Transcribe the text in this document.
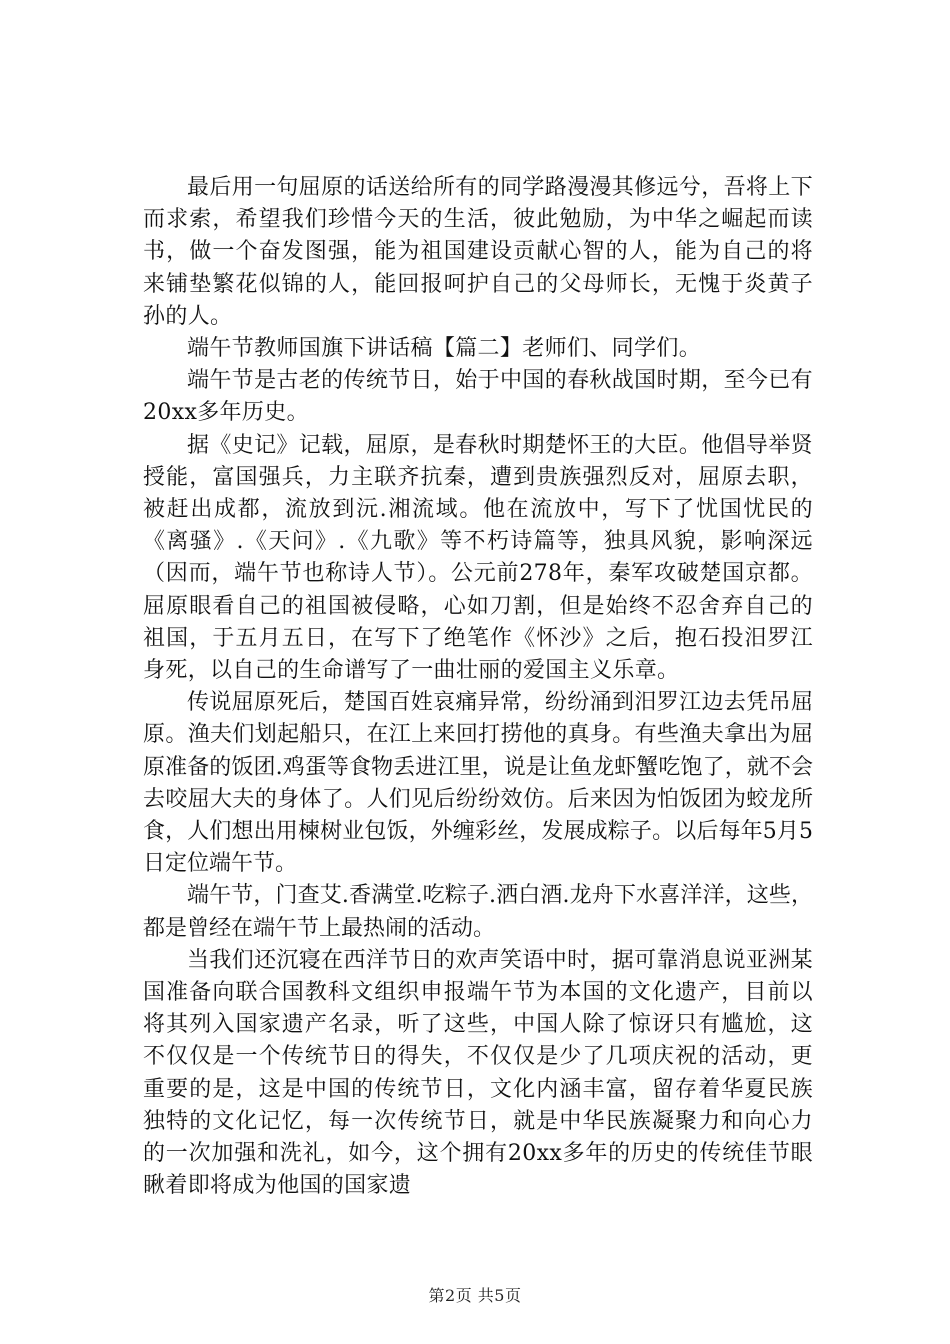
最后用一句屈原的话送给所有的同学路漫漫其修远兮，吾将上下而求索，希望我们珍惜今天的生活，彼此勉励，为中华之崛起而读书，做一个奋发图强，能为祖国建设贡献心智的人，能为自己的将来铺垫繁花似锦的人，能回报呵护自己的父母师长，无愧于炎黄子孙的人。

端午节教师国旗下讲话稿【篇二】老师们、同学们。

端午节是古老的传统节日，始于中国的春秋战国时期，至今已有20xx多年历史。

据《史记》记载，屈原，是春秋时期楚怀王的大臣。他倡导举贤授能，富国强兵，力主联齐抗秦，遭到贵族强烈反对，屈原去职，被赶出成都，流放到沅.湘流域。他在流放中，写下了忧国忧民的《离骚》.《天问》.《九歌》等不朽诗篇等，独具风貌，影响深远（因而，端午节也称诗人节）。公元前278年，秦军攻破楚国京都。屈原眼看自己的祖国被侵略，心如刀割，但是始终不忍舍弃自己的祖国，于五月五日，在写下了绝笔作《怀沙》之后，抱石投汨罗江身死，以自己的生命谱写了一曲壮丽的爱国主义乐章。

传说屈原死后，楚国百姓哀痛异常，纷纷涌到汨罗江边去凭吊屈原。渔夫们划起船只，在江上来回打捞他的真身。有些渔夫拿出为屈原准备的饭团.鸡蛋等食物丢进江里，说是让鱼龙虾蟹吃饱了，就不会去咬屈大夫的身体了。人们见后纷纷效仿。后来因为怕饭团为蛟龙所食，人们想出用楝树业包饭，外缠彩丝，发展成粽子。以后每年5月5日定位端午节。

端午节，门查艾.香满堂.吃粽子.洒白酒.龙舟下水喜洋洋，这些，都是曾经在端午节上最热闹的活动。

当我们还沉寝在西洋节日的欢声笑语中时，据可靠消息说亚洲某国准备向联合国教科文组织申报端午节为本国的文化遗产，目前以将其列入国家遗产名录，听了这些，中国人除了惊讶只有尴尬，这不仅仅是一个传统节日的得失，不仅仅是少了几项庆祝的活动，更重要的是，这是中国的传统节日，文化内涵丰富，留存着华夏民族独特的文化记忆，每一次传统节日，就是中华民族凝聚力和向心力的一次加强和洗礼，如今，这个拥有20xx多年的历史的传统佳节眼瞅着即将成为他国的国家遗

第2页 共5页
